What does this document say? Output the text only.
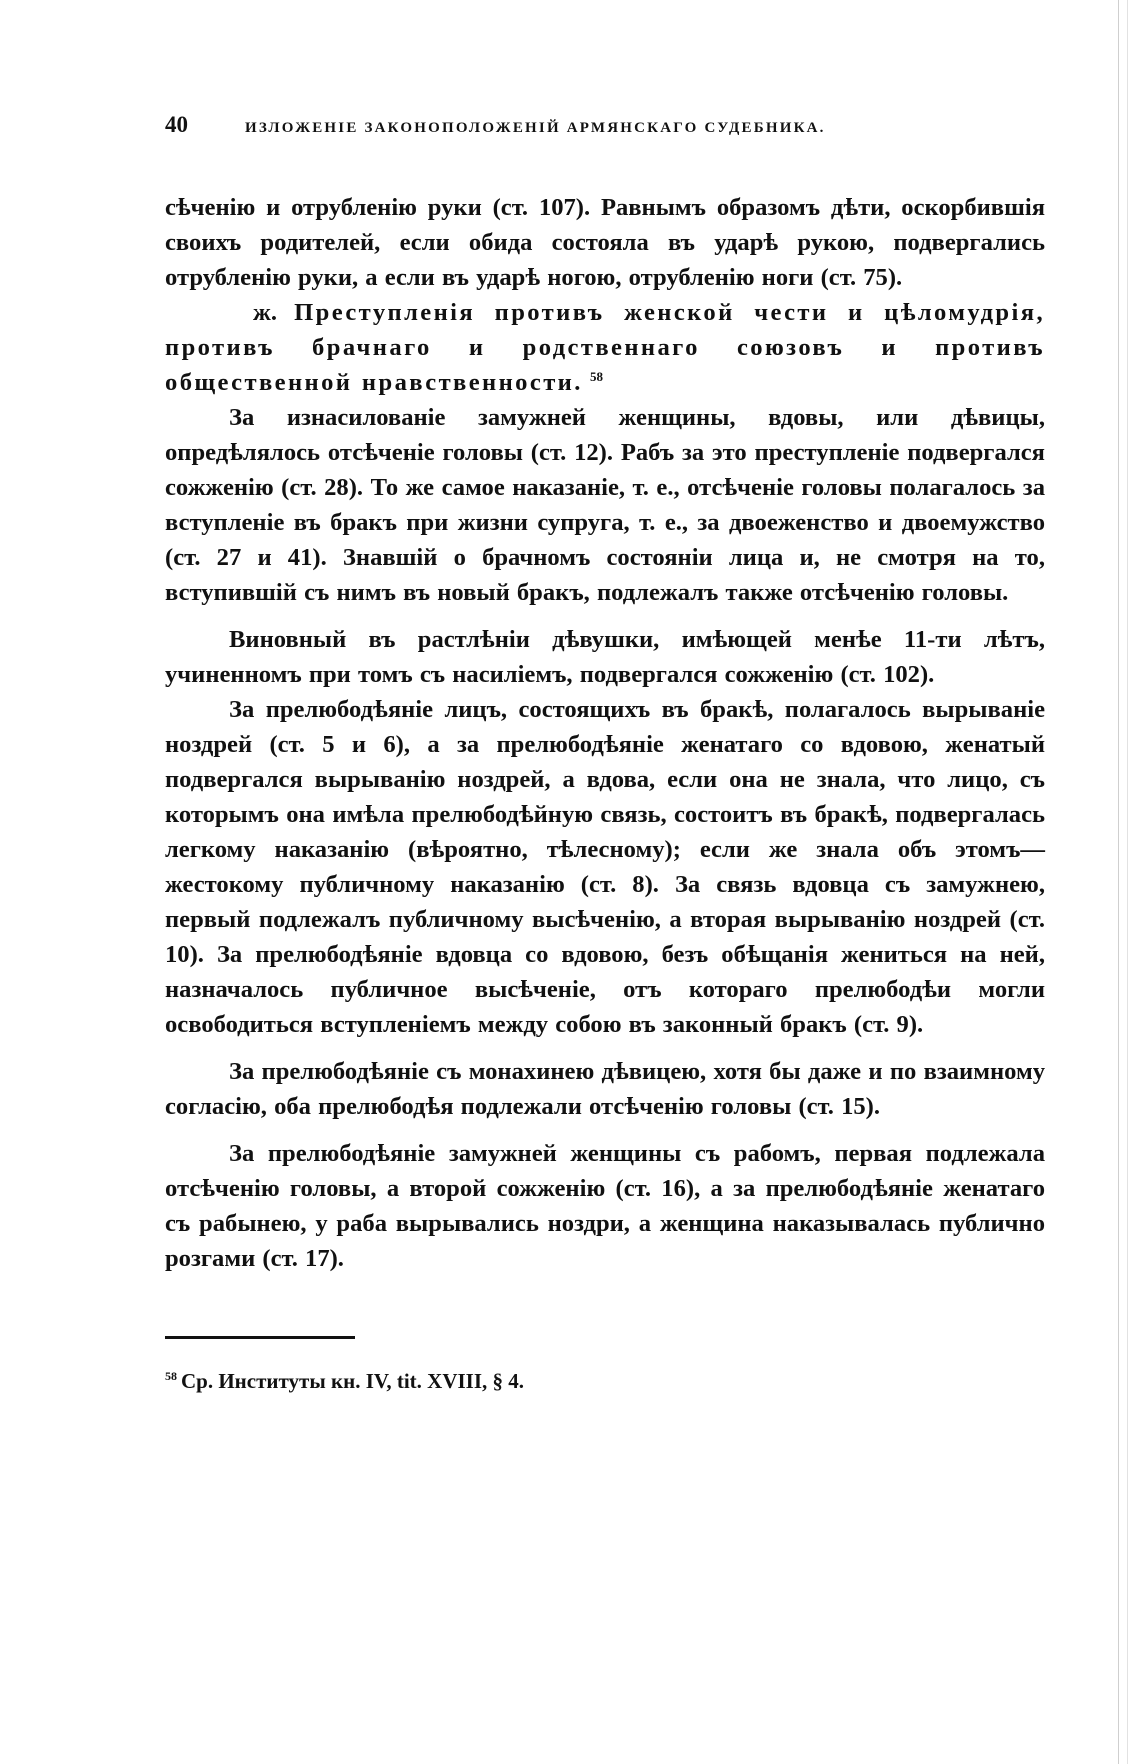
40	ИЗЛОЖЕНІЕ ЗАКОНОПОЛОЖЕНІЙ АРМЯНСКАГО СУДЕБНИКА.

сѣченію и отрубленію руки (ст. 107). Равнымъ образомъ дѣти, оскорбившія своихъ родителей, если обида состояла въ ударѣ рукою, подвергались отрубленію руки, а если въ ударѣ ногою, отрубленію ноги (ст. 75).

ж. Преступленія противъ женской чести и цѣломудрія, противъ брачнаго и родственнаго союзовъ и противъ общественной нравственности. $^{58}$

За изнасилованіе замужней женщины, вдовы, или дѣвицы, опредѣлялось отсѣченіе головы (ст. 12). Рабъ за это преступленіе подвергался сожженію (ст. 28). То же самое наказаніе, т. е., отсѣченіе головы полагалось за вступленіе въ бракъ при жизни супруга, т. е., за двоеженство и двоемужство (ст. 27 и 41). Знавшій о брачномъ состояніи лица и, не смотря на то, вступившій съ нимъ въ новый бракъ, подлежалъ также отсѣченію головы.

Виновный въ растлѣніи дѣвушки, имѣющей менѣе 11-ти лѣтъ, учиненномъ при томъ съ насиліемъ, подвергался сожженію (ст. 102).

За прелюбодѣяніе лицъ, состоящихъ въ бракѣ, полагалось вырываніе ноздрей (ст. 5 и 6), а за прелюбодѣяніе женатаго со вдовою, женатый подвергался вырыванію ноздрей, а вдова, если она не знала, что лицо, съ которымъ она имѣла прелюбодѣйную связь, состоитъ въ бракѣ, подвергалась легкому наказанію (вѣроятно, тѣлесному); если же знала объ этомъ—жестокому публичному наказанію (ст. 8). За связь вдовца съ замужнею, первый подлежалъ публичному высѣченію, а вторая вырыванію ноздрей (ст. 10). За прелюбодѣяніе вдовца со вдовою, безъ обѣщанія жениться на ней, назначалось публичное высѣченіе, отъ котораго прелюбодѣи могли освободиться вступленіемъ между собою въ законный бракъ (ст. 9).

За прелюбодѣяніе съ монахинею дѣвицею, хотя бы даже и по взаимному согласію, оба прелюбодѣя подлежали отсѣченію головы (ст. 15).

За прелюбодѣяніе замужней женщины съ рабомъ, первая подлежала отсѣченію головы, а второй сожженію (ст. 16), а за прелюбодѣяніе женатаго съ рабынею, у раба вырывались ноздри, а женщина наказывалась публично розгами (ст. 17).

$^{58}$ Ср. Институты кн. IV, tit. XVIII, § 4.
